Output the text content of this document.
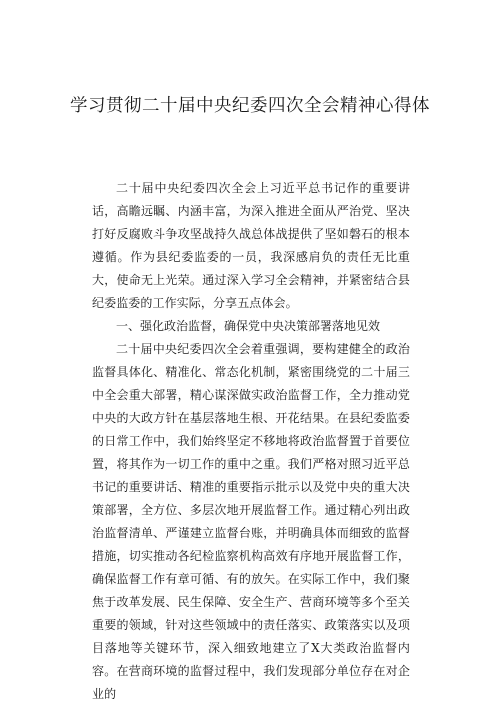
学习贯彻二十届中央纪委四次全会精神心得体

二十届中央纪委四次全会上习近平总书记作的重要讲话，高瞻远瞩、内涵丰富，为深入推进全面从严治党、坚决打好反腐败斗争攻坚战持久战总体战提供了坚如磐石的根本遵循。作为县纪委监委的一员，我深感肩负的责任无比重大，使命无上光荣。通过深入学习全会精神，并紧密结合县纪委监委的工作实际，分享五点体会。

一、强化政治监督，确保党中央决策部署落地见效

二十届中央纪委四次全会着重强调，要构建健全的政治监督具体化、精准化、常态化机制，紧密围绕党的二十届三中全会重大部署，精心谋深做实政治监督工作，全力推动党中央的大政方针在基层落地生根、开花结果。在县纪委监委的日常工作中，我们始终坚定不移地将政治监督置于首要位置，将其作为一切工作的重中之重。我们严格对照习近平总书记的重要讲话、精准的重要指示批示以及党中央的重大决策部署，全方位、多层次地开展监督工作。通过精心列出政治监督清单、严谨建立监督台账，并明确具体而细致的监督措施，切实推动各纪检监察机构高效有序地开展监督工作，确保监督工作有章可循、有的放矢。在实际工作中，我们聚焦于改革发展、民生保障、安全生产、营商环境等多个至关重要的领域，针对这些领域中的责任落实、政策落实以及项目落地等关键环节，深入细致地建立了X大类政治监督内容。在营商环境的监督过程中，我们发现部分单位存在对企业的
